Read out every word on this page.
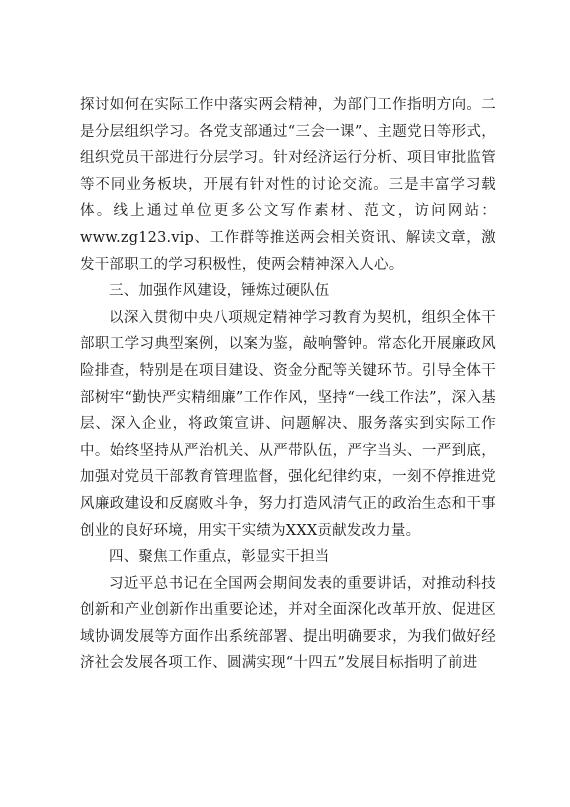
探讨如何在实际工作中落实两会精神，为部门工作指明方向。二是分层组织学习。各党支部通过“三会一课”、主题党日等形式，组织党员干部进行分层学习。针对经济运行分析、项目审批监管等不同业务板块，开展有针对性的讨论交流。三是丰富学习载体。线上通过单位更多公文写作素材、范文，访问网站：www.zg123.vip、工作群等推送两会相关资讯、解读文章，激发干部职工的学习积极性，使两会精神深入人心。

三、加强作风建设，锤炼过硬队伍

以深入贯彻中央八项规定精神学习教育为契机，组织全体干部职工学习典型案例，以案为鉴，敲响警钟。常态化开展廉政风险排查，特别是在项目建设、资金分配等关键环节。引导全体干部树牢“勤快严实精细廉”工作作风，坚持“一线工作法”，深入基层、深入企业，将政策宣讲、问题解决、服务落实到实际工作中。始终坚持从严治机关、从严带队伍，严字当头、一严到底，加强对党员干部教育管理监督，强化纪律约束，一刻不停推进党风廉政建设和反腐败斗争，努力打造风清气正的政治生态和干事创业的良好环境，用实干实绩为XXX贡献发改力量。

四、聚焦工作重点，彰显实干担当

习近平总书记在全国两会期间发表的重要讲话，对推动科技创新和产业创新作出重要论述，并对全面深化改革开放、促进区域协调发展等方面作出系统部署、提出明确要求，为我们做好经济社会发展各项工作、圆满实现“十四五”发展目标指明了前进
